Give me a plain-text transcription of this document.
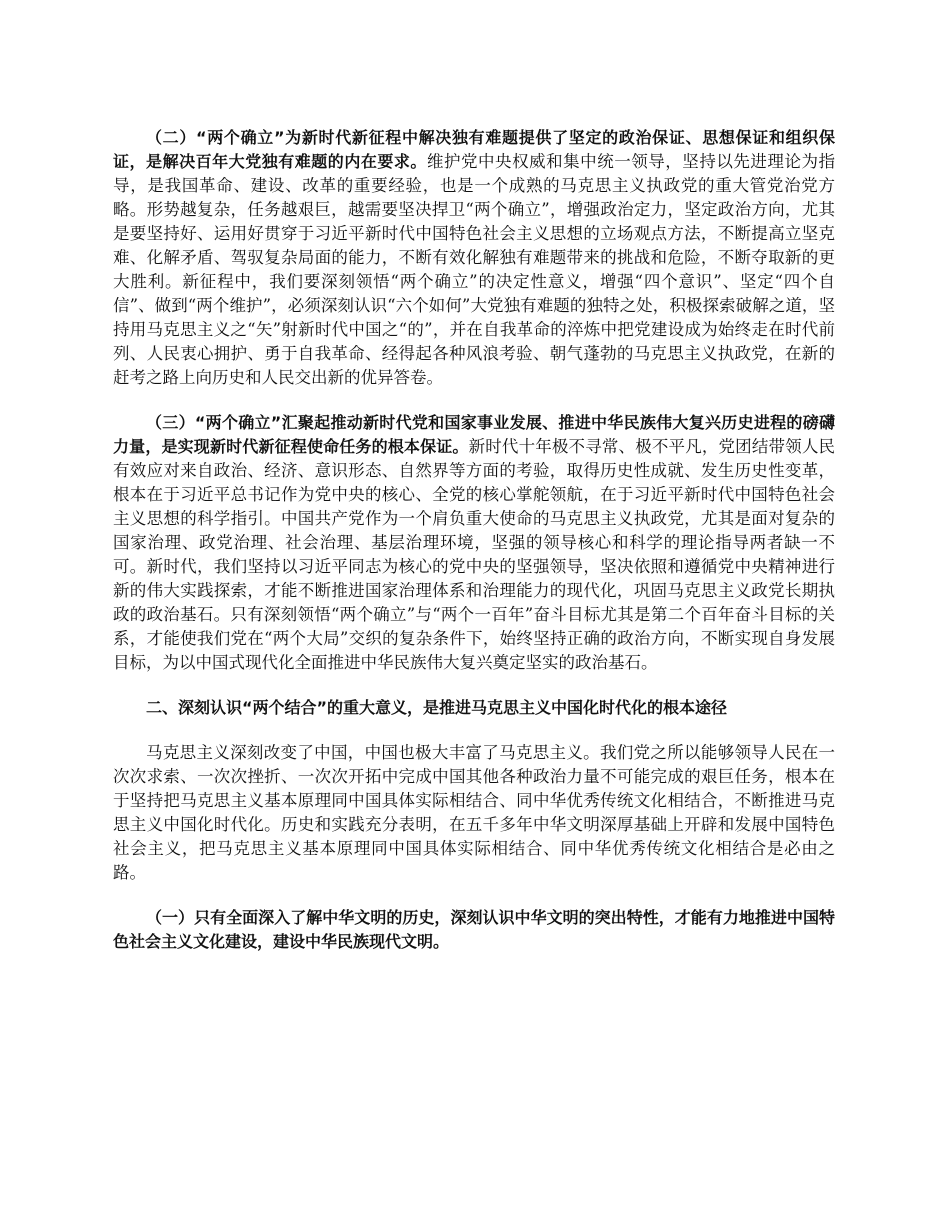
（二）“两个确立”为新时代新征程中解决独有难题提供了坚定的政治保证、思想保证和组织保证，是解决百年大党独有难题的内在要求。维护党中央权威和集中统一领导，坚持以先进理论为指导，是我国革命、建设、改革的重要经验，也是一个成熟的马克思主义执政党的重大管党治党方略。形势越复杂，任务越艰巨，越需要坚决捍卫“两个确立”，增强政治定力，坚定政治方向，尤其是要坚持好、运用好贯穿于习近平新时代中国特色社会主义思想的立场观点方法，不断提高立坚克难、化解矛盾、驾驭复杂局面的能力，不断有效化解独有难题带来的挑战和危险，不断夺取新的更大胜利。新征程中，我们要深刻领悟“两个确立”的决定性意义，增强“四个意识”、坚定“四个自信”、做到“两个维护”，必须深刻认识“六个如何”大党独有难题的独特之处，积极探索破解之道，坚持用马克思主义之“矢”射新时代中国之“的”，并在自我革命的淬炼中把党建设成为始终走在时代前列、人民衷心拥护、勇于自我革命、经得起各种风浪考验、朝气蓬勃的马克思主义执政党，在新的赶考之路上向历史和人民交出新的优异答卷。

（三）“两个确立”汇聚起推动新时代党和国家事业发展、推进中华民族伟大复兴历史进程的磅礴力量，是实现新时代新征程使命任务的根本保证。新时代十年极不寻常、极不平凡，党团结带领人民有效应对来自政治、经济、意识形态、自然界等方面的考验，取得历史性成就、发生历史性变革，根本在于习近平总书记作为党中央的核心、全党的核心掌舵领航，在于习近平新时代中国特色社会主义思想的科学指引。中国共产党作为一个肩负重大使命的马克思主义执政党，尤其是面对复杂的国家治理、政党治理、社会治理、基层治理环境，坚强的领导核心和科学的理论指导两者缺一不可。新时代，我们坚持以习近平同志为核心的党中央的坚强领导，坚决依照和遵循党中央精神进行新的伟大实践探索，才能不断推进国家治理体系和治理能力的现代化，巩固马克思主义政党长期执政的政治基石。只有深刻领悟“两个确立”与“两个一百年”奋斗目标尤其是第二个百年奋斗目标的关系，才能使我们党在“两个大局”交织的复杂条件下，始终坚持正确的政治方向，不断实现自身发展目标，为以中国式现代化全面推进中华民族伟大复兴奠定坚实的政治基石。

二、深刻认识“两个结合”的重大意义，是推进马克思主义中国化时代化的根本途径

马克思主义深刻改变了中国，中国也极大丰富了马克思主义。我们党之所以能够领导人民在一次次求索、一次次挫折、一次次开拓中完成中国其他各种政治力量不可能完成的艰巨任务，根本在于坚持把马克思主义基本原理同中国具体实际相结合、同中华优秀传统文化相结合，不断推进马克思主义中国化时代化。历史和实践充分表明，在五千多年中华文明深厚基础上开辟和发展中国特色社会主义，把马克思主义基本原理同中国具体实际相结合、同中华优秀传统文化相结合是必由之路。

（一）只有全面深入了解中华文明的历史，深刻认识中华文明的突出特性，才能有力地推进中国特色社会主义文化建设，建设中华民族现代文明。
